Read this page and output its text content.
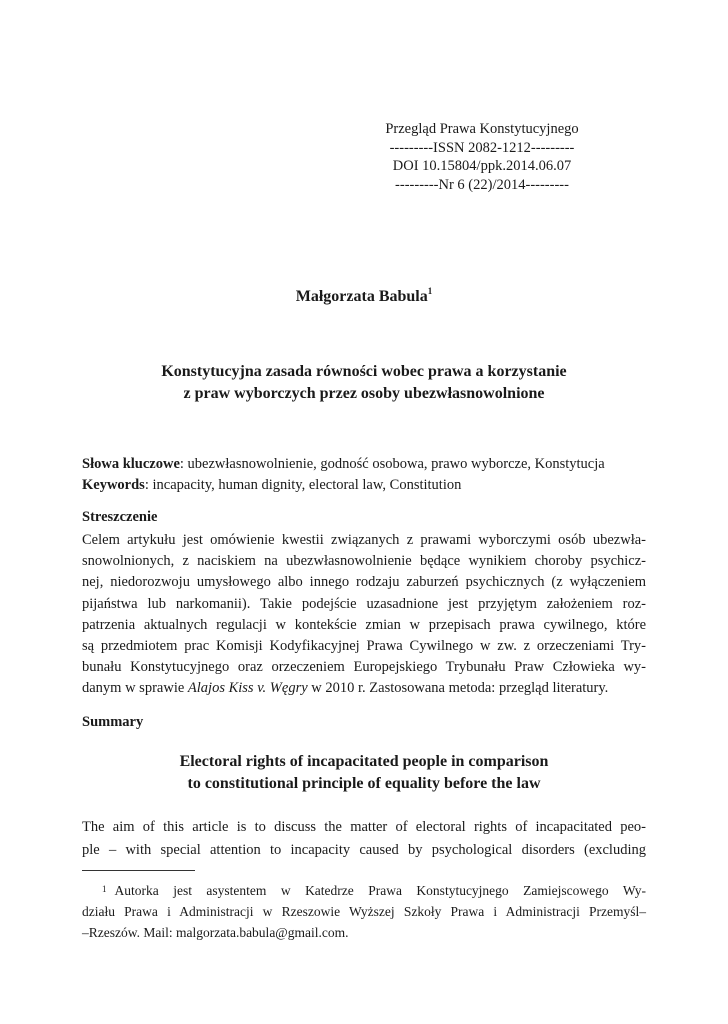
Przegląd Prawa Konstytucyjnego
---------ISSN 2082-1212---------
DOI 10.15804/ppk.2014.06.07
---------Nr 6 (22)/2014---------
Małgorzata Babula$^1$
Konstytucyjna zasada równości wobec prawa a korzystanie
z praw wyborczych przez osoby ubezwłasnowolnione
Słowa kluczowe: ubezwłasnowolnienie, godność osobowa, prawo wyborcze, Konstytucja
Keywords: incapacity, human dignity, electoral law, Constitution
Streszczenie
Celem artykułu jest omówienie kwestii związanych z prawami wyborczymi osób ubezwła-
snowolnionych, z naciskiem na ubezwłasnowolnienie będące wynikiem choroby psychicz-
nej, niedorozwoju umysłowego albo innego rodzaju zaburzeń psychicznych (z wyłączeniem
pijaństwa lub narkomanii). Takie podejście uzasadnione jest przyjętym założeniem roz-
patrzenia aktualnych regulacji w kontekście zmian w przepisach prawa cywilnego, które
są przedmiotem prac Komisji Kodyfikacyjnej Prawa Cywilnego w zw. z orzeczeniami Try-
bunału Konstytucyjnego oraz orzeczeniem Europejskiego Trybunału Praw Człowieka wy-
danym w sprawie Alajos Kiss v. Węgry w 2010 r. Zastosowana metoda: przegląd literatury.
Summary
Electoral rights of incapacitated people in comparison
to constitutional principle of equality before the law
The aim of this article is to discuss the matter of electoral rights of incapacitated peo-
ple – with special attention to incapacity caused by psychological disorders (excluding
$^1$ Autorka jest asystentem w Katedrze Prawa Konstytucyjnego Zamiejscowego Wy-
działu Prawa i Administracji w Rzeszowie Wyższej Szkoły Prawa i Administracji Przemyśl–
–Rzeszów. Mail: malgorzata.babula@gmail.com.
